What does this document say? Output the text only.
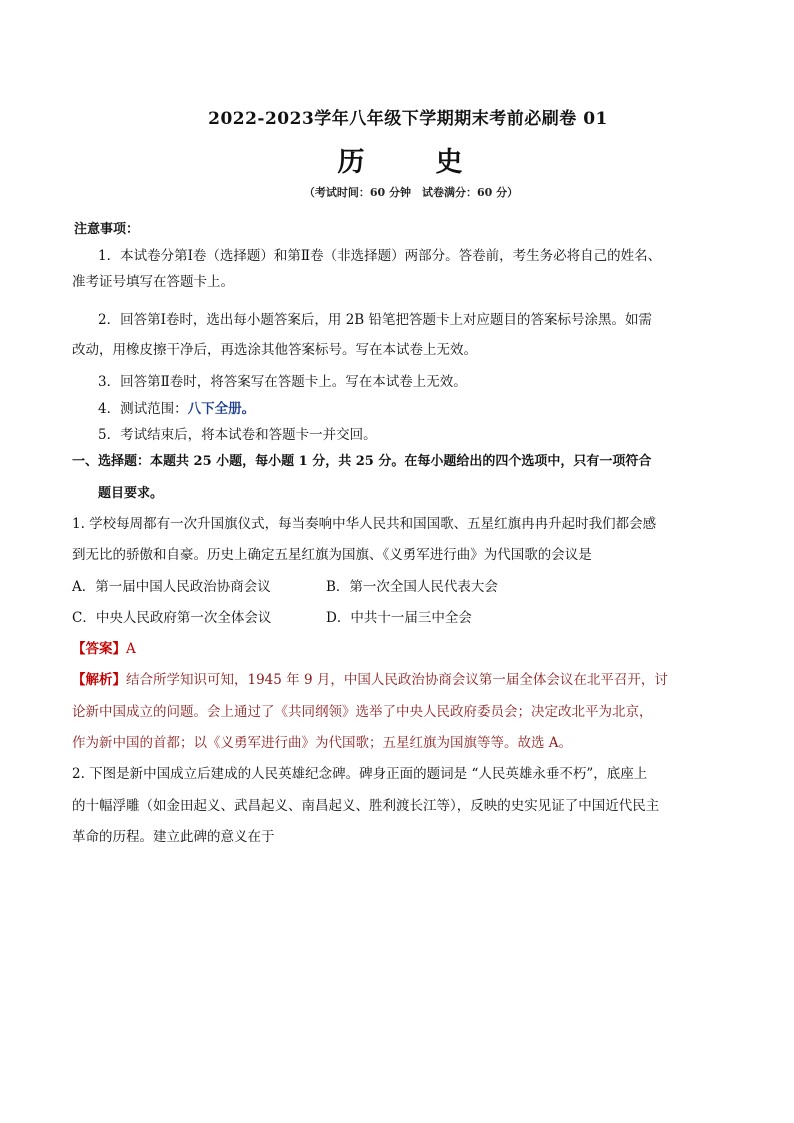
2022-2023学年八年级下学期期末考前必刷卷 01
历　史
（考试时间：60 分钟　试卷满分：60 分）
注意事项：
1．本试卷分第Ⅰ卷（选择题）和第Ⅱ卷（非选择题）两部分。答卷前，考生务必将自己的姓名、
准考证号填写在答题卡上。
2．回答第Ⅰ卷时，选出每小题答案后，用 2B 铅笔把答题卡上对应题目的答案标号涂黑。如需
改动，用橡皮擦干净后，再选涂其他答案标号。写在本试卷上无效。
3．回答第Ⅱ卷时，将答案写在答题卡上。写在本试卷上无效。
4．测试范围：八下全册。
5．考试结束后，将本试卷和答题卡一并交回。
一、选择题：本题共 25 小题，每小题 1 分，共 25 分。在每小题给出的四个选项中，只有一项符合
题目要求。
1. 学校每周都有一次升国旗仪式，每当奏响中华人民共和国国歌、五星红旗冉冉升起时我们都会感
到无比的骄傲和自豪。历史上确定五星红旗为国旗、《义勇军进行曲》为代国歌的会议是
A．第一届中国人民政治协商会议	B．第一次全国人民代表大会
C．中央人民政府第一次全体会议	D．中共十一届三中全会
【答案】A
【解析】结合所学知识可知，1945 年 9 月，中国人民政治协商会议第一届全体会议在北平召开，讨
论新中国成立的问题。会上通过了《共同纲领》选举了中央人民政府委员会；决定改北平为北京，
作为新中国的首都；以《义勇军进行曲》为代国歌；五星红旗为国旗等等。故选 A。
2. 下图是新中国成立后建成的人民英雄纪念碑。碑身正面的题词是 “人民英雄永垂不朽”，底座上
的十幅浮雕（如金田起义、武昌起义、南昌起义、胜利渡长江等），反映的史实见证了中国近代民主
革命的历程。建立此碑的意义在于
